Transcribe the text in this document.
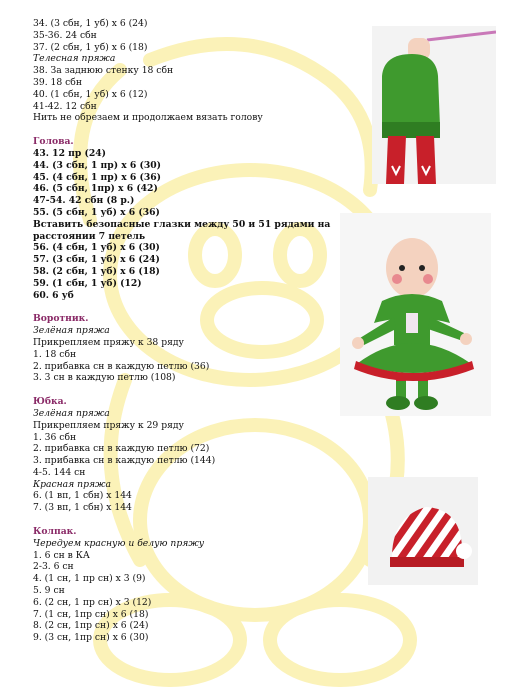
34. (3 сбн, 1 уб) х 6 (24)
35-36. 24 сбн
37. (2 сбн, 1 уб) х 6 (18)
Телесная пряжа
38. За заднюю стенку 18 сбн
39. 18 сбн
40. (1 сбн, 1 уб) х 6 (12)
41-42. 12 сбн
Нить не обрезаем и продолжаем вязать голову
Голова.
43. 12 пр (24)
44. (3 сбн, 1 пр) х 6 (30)
45. (4 сбн, 1 пр) х 6 (36)
46. (5 сбн, 1пр) х 6 (42)
47-54. 42 сбн (8 р.)
55. (5 сбн, 1 уб) х 6 (36)
Вставить безопасные глазки между 50 и 51 рядами на
расстоянии 7 петель
56. (4 сбн, 1 уб) х 6 (30)
57. (3 сбн, 1 уб) х 6 (24)
58. (2 сбн, 1 уб) х 6 (18)
59. (1 сбн, 1 уб) (12)
60. 6 уб
Воротник.
Зелёная пряжа
Прикрепляем пряжу к 38 ряду
1. 18 сбн
2. прибавка сн в каждую петлю (36)
3. 3 сн в каждую петлю (108)
Юбка.
Зелёная пряжа
Прикрепляем пряжу к 29 ряду
1. 36 сбн
2. прибавка сн в каждую петлю (72)
3. прибавка сн в каждую петлю (144)
4-5. 144 сн
Красная пряжа
6. (1 вп, 1 сбн) х 144
7. (3 вп, 1 сбн) х 144
Колпак.
Чередуем красную и белую пряжу
1. 6 сн в КА
2-3. 6 сн
4. (1 сн, 1 пр сн) х 3 (9)
5. 9 сн
6. (2 сн, 1 пр сн) х 3 (12)
7. (1 сн, 1пр сн) х 6 (18)
8. (2 сн, 1пр сн) х 6 (24)
9. (3 сн, 1пр сн) х 6 (30)
